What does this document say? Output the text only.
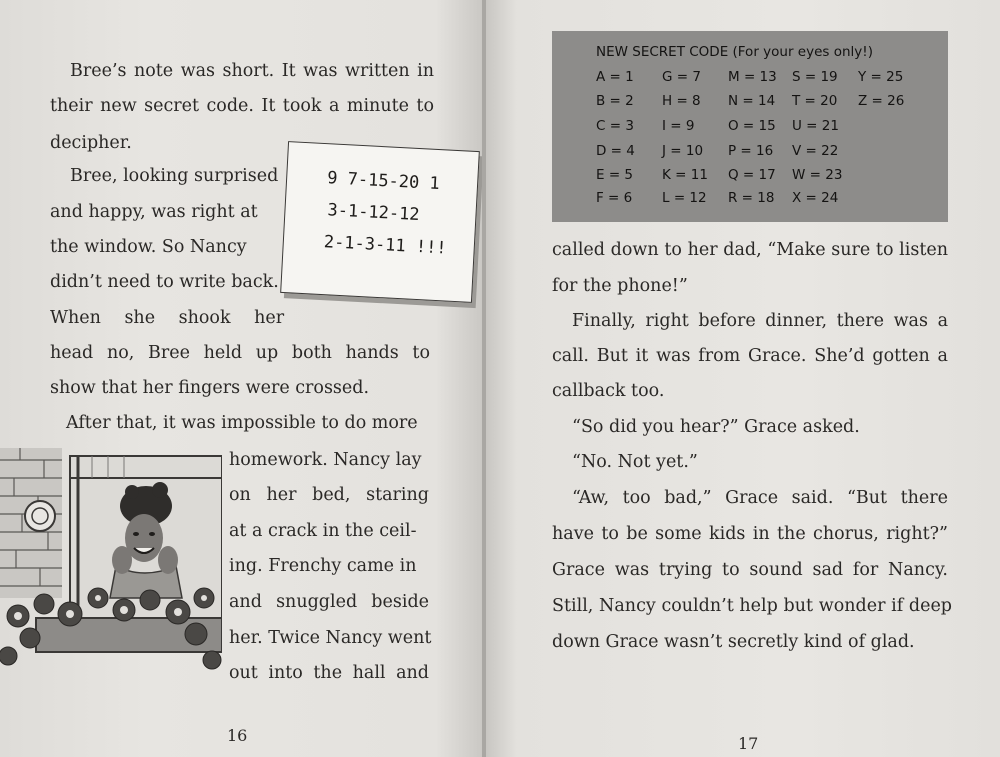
Bree’s note was short. It was written in

their new secret code. It took a minute to

decipher.

Bree, looking surprised

and happy, was right at

the window. So Nancy

didn’t need to write back.

When she shook her

head no, Bree held up both hands to

show that her fingers were crossed.

After that, it was impossible to do more

homework. Nancy lay

on her bed, staring

at a crack in the ceil-

ing. Frenchy came in

and snuggled beside

her. Twice Nancy went

out into the hall and

9 7-15-20 1
3-1-12-12
2-1-3-11 !!!
16	17
NEW SECRET CODE (For your eyes only!)
A = 1 G = 7 M = 13 S = 19 Y = 25
B = 2 H = 8 N = 14 T = 20 Z = 26
C = 3 I = 9 O = 15 U = 21
D = 4 J = 10 P = 16 V = 22
E = 5 K = 11 Q = 17 W = 23
F = 6 L = 12 R = 18 X = 24

called down to her dad, “Make sure to listen

for the phone!”

Finally, right before dinner, there was a

call. But it was from Grace. She’d gotten a

callback too.

“So did you hear?” Grace asked.

“No. Not yet.”

“Aw, too bad,” Grace said. “But there

have to be some kids in the chorus, right?”

Grace was trying to sound sad for Nancy.

Still, Nancy couldn’t help but wonder if deep

down Grace wasn’t secretly kind of glad.
